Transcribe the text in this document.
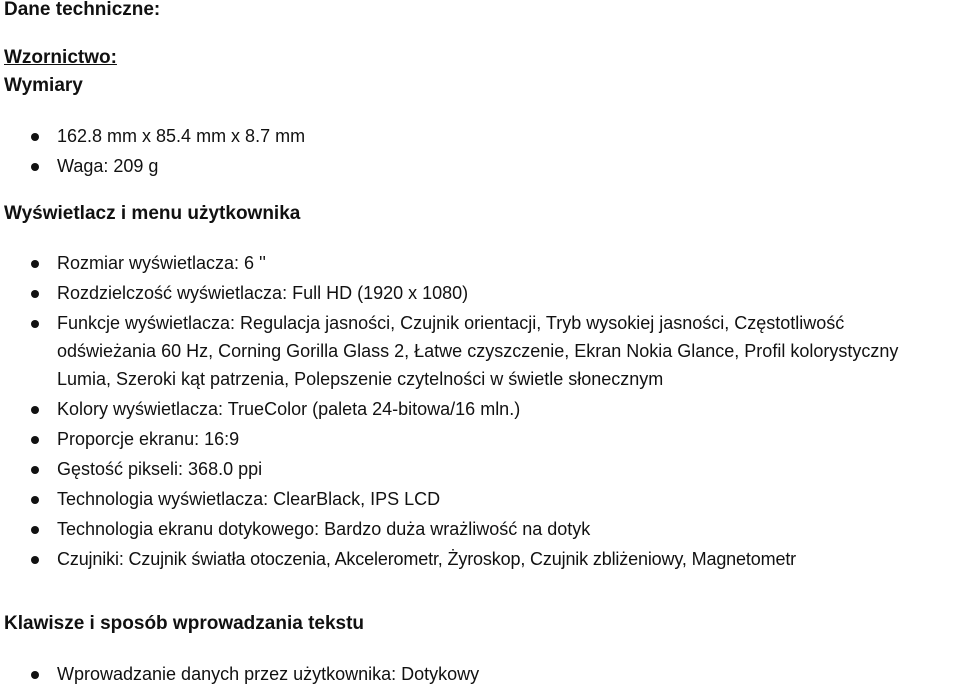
Dane techniczne:
Wzornictwo:
Wymiary
162.8 mm x 85.4 mm x 8.7 mm
Waga: 209 g
Wyświetlacz i menu użytkownika
Rozmiar wyświetlacza: 6 ''
Rozdzielczość wyświetlacza: Full HD (1920 x 1080)
Funkcje wyświetlacza: Regulacja jasności, Czujnik orientacji, Tryb wysokiej jasności, Częstotliwość odświeżania 60 Hz, Corning Gorilla Glass 2, Łatwe czyszczenie, Ekran Nokia Glance, Profil kolorystyczny Lumia, Szeroki kąt patrzenia, Polepszenie czytelności w świetle słonecznym
Kolory wyświetlacza: TrueColor (paleta 24-bitowa/16 mln.)
Proporcje ekranu: 16:9
Gęstość pikseli: 368.0 ppi
Technologia wyświetlacza: ClearBlack, IPS LCD
Technologia ekranu dotykowego: Bardzo duża wrażliwość na dotyk
Czujniki: Czujnik światła otoczenia, Akcelerometr, Żyroskop, Czujnik zbliżeniowy, Magnetometr
Klawisze i sposób wprowadzania tekstu
Wprowadzanie danych przez użytkownika: Dotykowy
